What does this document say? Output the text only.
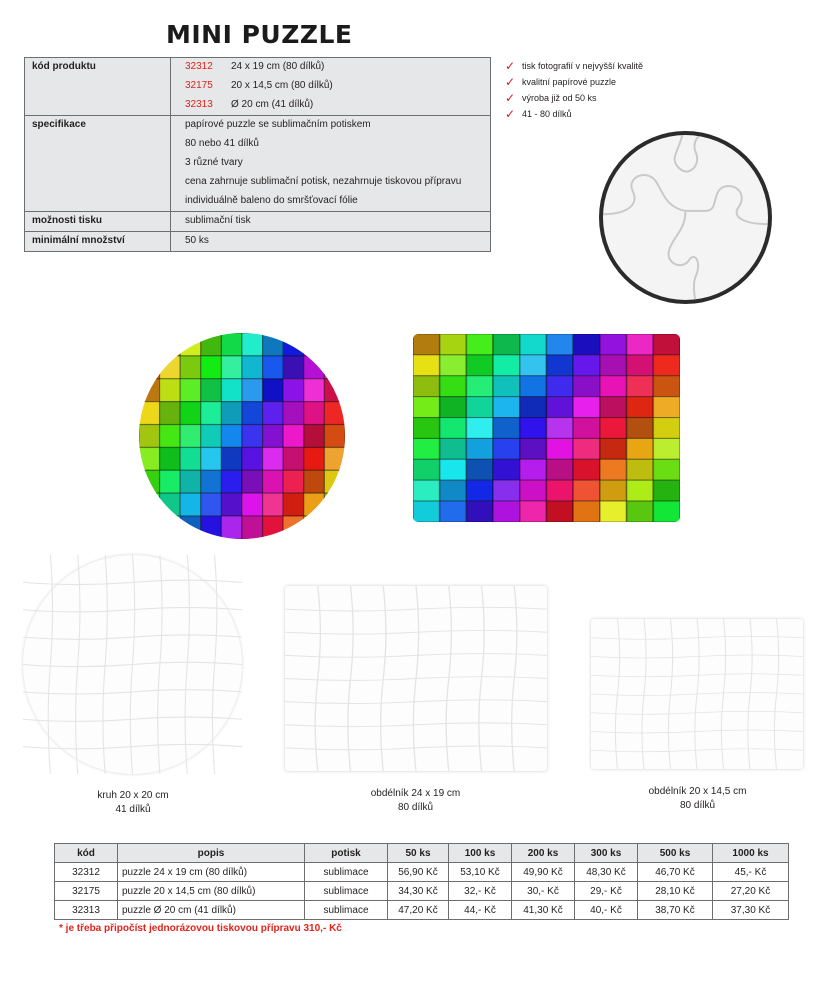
MINI PUZZLE
kód produktu	32312	24 x 19 cm (80 dílků)
32175	20 x 14,5 cm (80 dílků)
32313	Ø 20 cm (41 dílků)
specifikace	papírové puzzle se sublimačním potiskem
80 nebo 41 dílků
3 různé tvary
cena zahrnuje sublimační potisk, nezahrnuje tiskovou přípravu
individuálně baleno do smršťovací fólie
možnosti tisku	sublimační tisk
minimální množství	50 ks
✓ tisk fotografií v nejvyšší kvalitě
✓ kvalitní papírové puzzle
✓ výroba již od 50 ks
✓ 41 - 80 dílků
kruh 20 x 20 cm
41 dílků
obdélník 24 x 19 cm
80 dílků
obdélník 20 x 14,5 cm
80 dílků
kód	popis	potisk	50 ks	100 ks	200 ks	300 ks	500 ks	1000 ks
32312	puzzle 24 x 19 cm (80 dílků)	sublimace	56,90 Kč	53,10 Kč	49,90 Kč	48,30 Kč	46,70 Kč	45,- Kč
32175	puzzle 20 x 14,5 cm (80 dílků)	sublimace	34,30 Kč	32,- Kč	30,- Kč	29,- Kč	28,10 Kč	27,20 Kč
32313	puzzle Ø 20 cm (41 dílků)	sublimace	47,20 Kč	44,- Kč	41,30 Kč	40,- Kč	38,70 Kč	37,30 Kč
* je třeba připočíst jednorázovou tiskovou přípravu 310,- Kč
